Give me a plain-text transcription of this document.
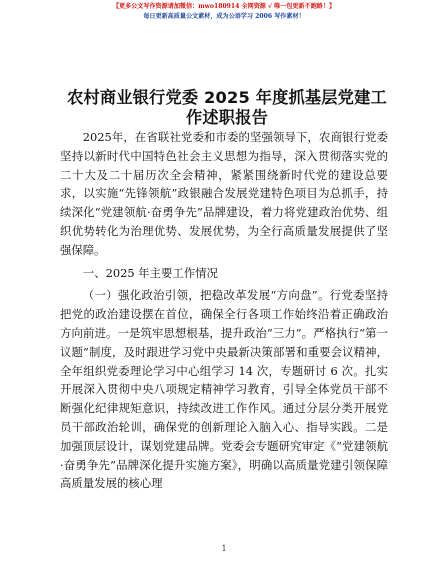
【更多公文写作资源请加微信：mwo180914 全网资源 √ 唯一包更新不跑路！】
每日更新高质量公文素材，成为公语学习 2006 写作素材！
农村商业银行党委 2025 年度抓基层党建工作述职报告

2025年，在省联社党委和市委的坚强领导下，农商银行党委坚持以新时代中国特色社会主义思想为指导，深入贯彻落实党的二十大及二十届历次全会精神，紧紧围绕新时代党的建设总要求，以实施“先锋领航”政银融合发展党建特色项目为总抓手，持续深化“党建领航·奋勇争先”品牌建设，着力将党建政治优势、组织优势转化为治理优势、发展优势，为全行高质量发展提供了坚强保障。

一、2025 年主要工作情况

（一）强化政治引领，把稳改革发展“方向盘”。行党委坚持把党的政治建设摆在首位，确保全行各项工作始终沿着正确政治方向前进。一是筑牢思想根基，提升政治“三力”。严格执行“第一议题”制度，及时跟进学习党中央最新决策部署和重要会议精神，全年组织党委理论学习中心组学习 14 次，专题研讨 6 次。扎实开展深入贯彻中央八项规定精神学习教育，引导全体党员干部不断强化纪律规矩意识，持续改进工作作风。通过分层分类开展党员干部政治轮训，确保党的创新理论入脑入心、指导实践。二是加强顶层设计，谋划党建品牌。党委会专题研究审定《“党建领航·奋勇争先”品牌深化提升实施方案》，明确以高质量党建引领保障高质量发展的核心理

1
